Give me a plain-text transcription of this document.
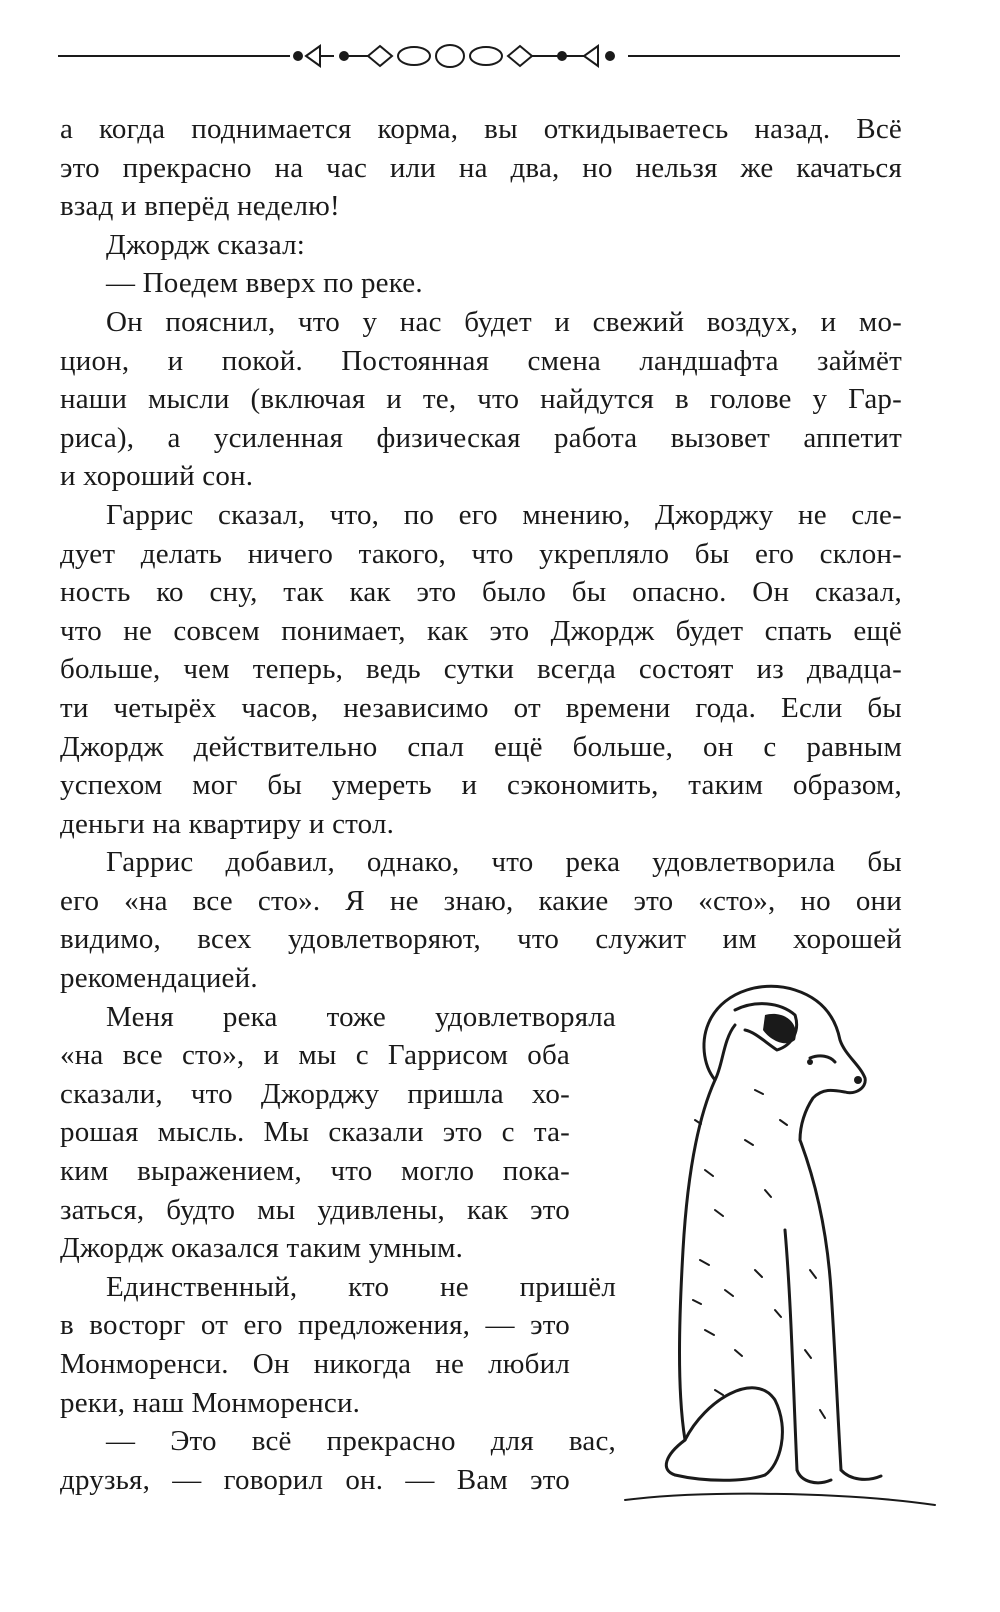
а когда поднимается корма, вы откидываетесь назад. Всё
это прекрасно на час или на два, но нельзя же качаться
взад и вперёд неделю!
Джордж сказал:
— Поедем вверх по реке.
Он пояснил, что у нас будет и свежий воздух, и мо-
цион, и покой. Постоянная смена ландшафта займёт
наши мысли (включая и те, что найдутся в голове у Гар-
риса), а усиленная физическая работа вызовет аппетит
и хороший сон.
Гаррис сказал, что, по его мнению, Джорджу не сле-
дует делать ничего такого, что укрепляло бы его склон-
ность ко сну, так как это было бы опасно. Он сказал,
что не совсем понимает, как это Джордж будет спать ещё
больше, чем теперь, ведь сутки всегда состоят из двадца-
ти четырёх часов, независимо от времени года. Если бы
Джордж действительно спал ещё больше, он с равным
успехом мог бы умереть и сэкономить, таким образом,
деньги на квартиру и стол.
Гаррис добавил, однако, что река удовлетворила бы
его «на все сто». Я не знаю, какие это «сто», но они
видимо, всех удовлетворяют, что служит им хорошей
рекомендацией.
Меня река тоже удовлетворяла
«на все сто», и мы с Гаррисом оба
сказали, что Джорджу пришла хо-
рошая мысль. Мы сказали это с та-
ким выражением, что могло пока-
заться, будто мы удивлены, как это
Джордж оказался таким умным.
Единственный, кто не пришёл
в восторг от его предложения, — это
Монморенси. Он никогда не любил
реки, наш Монморенси.
— Это всё прекрасно для вас,
друзья, — говорил он. — Вам это
